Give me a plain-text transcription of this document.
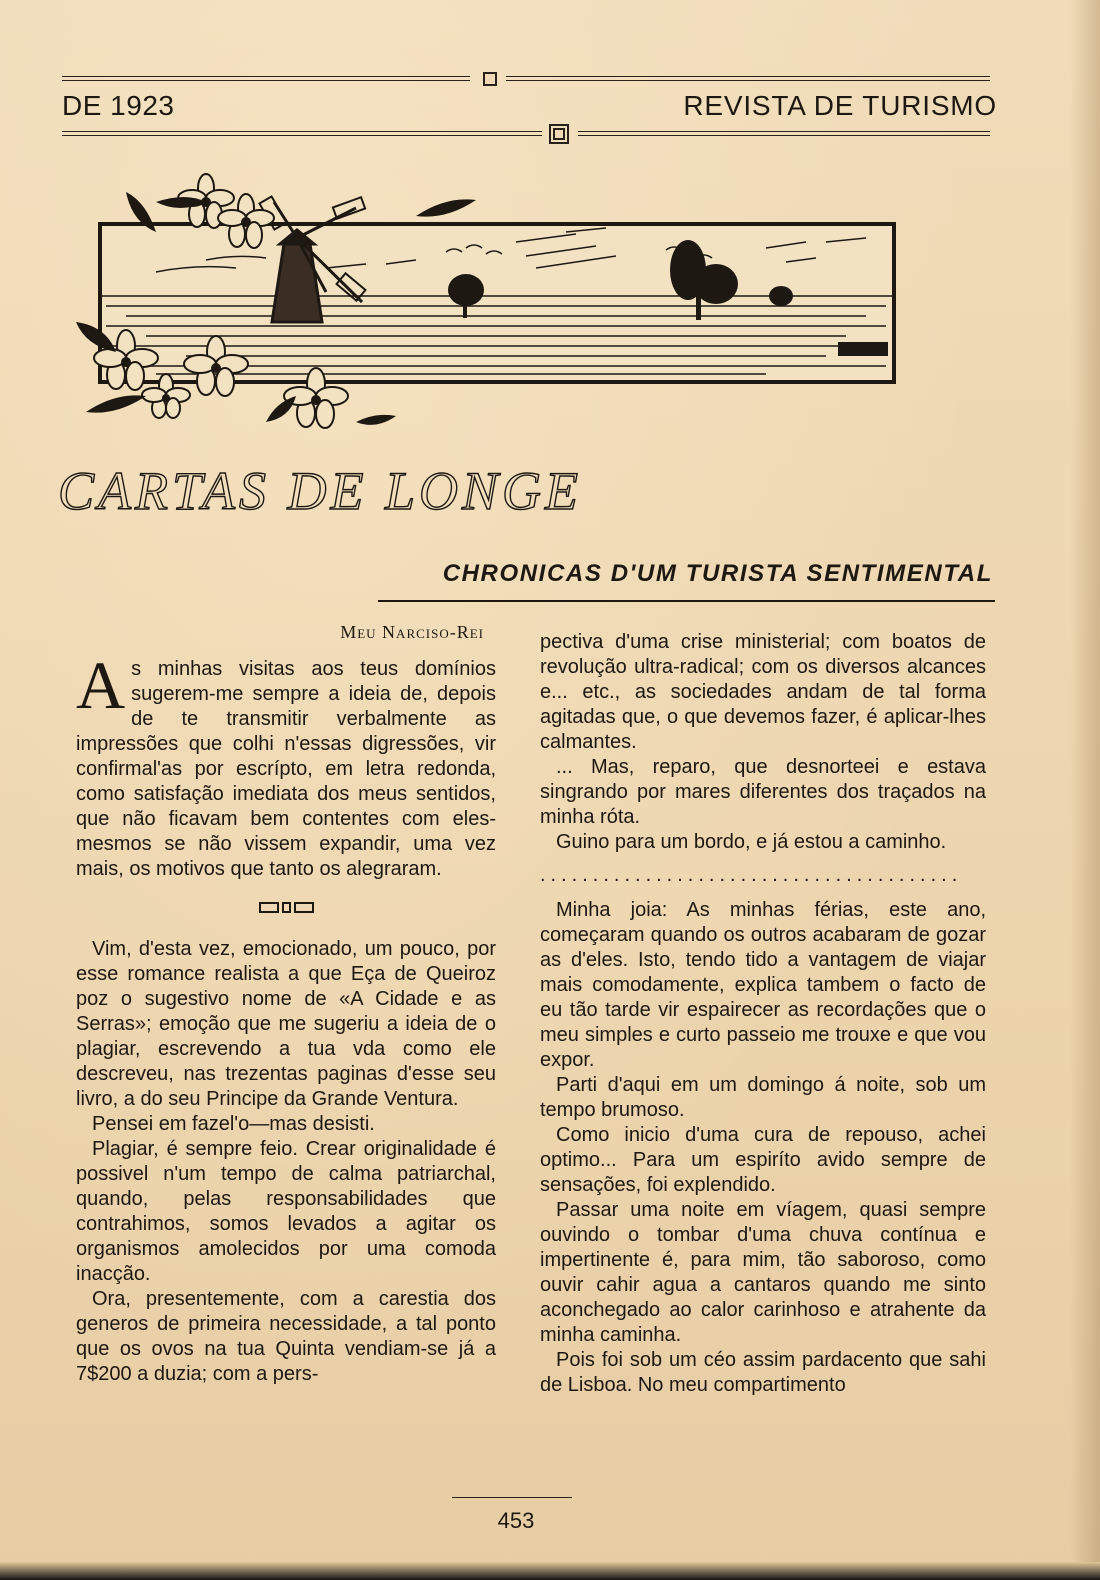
DE 1923	REVISTA DE TURISMO
CARTAS DE LONGE
CHRONICAS D'UM TURISTA SENTIMENTAL

Meu Narciso-Rei

As minhas visitas aos teus domínios sugerem-me sempre a ideia de, depois de te transmitir verbalmente as impressões que colhi n'essas digressões, vir confirmal'as por escrípto, em letra redonda, como satisfação imediata dos meus sentidos, que não ficavam bem contentes com eles-mesmos se não vissem expandir, uma vez mais, os motivos que tanto os alegraram.

Vim, d'esta vez, emocionado, um pouco, por esse romance realista a que Eça de Queiroz poz o sugestivo nome de «A Cidade e as Serras»; emoção que me sugeriu a ideia de o plagiar, escrevendo a tua vda como ele descreveu, nas trezentas paginas d'esse seu livro, a do seu Principe da Grande Ventura.

Pensei em fazel'o—mas desisti.

Plagiar, é sempre feio. Crear originalidade é possivel n'um tempo de calma patriarchal, quando, pelas responsabilidades que contrahimos, somos levados a agitar os organismos amolecidos por uma comoda inacção.

Ora, presentemente, com a carestia dos generos de primeira necessidade, a tal ponto que os ovos na tua Quinta vendiam-se já a 7$200 a duzia; com a pers-

pectiva d'uma crise ministerial; com boatos de revolução ultra-radical; com os diversos alcances e... etc., as sociedades andam de tal forma agitadas que, o que devemos fazer, é aplicar-lhes calmantes.

... Mas, reparo, que desnorteei e estava singrando por mares diferentes dos traçados na minha róta.

Guino para um bordo, e já estou a caminho.

........................................

Minha joia: As minhas férias, este ano, começaram quando os outros acabaram de gozar as d'eles. Isto, tendo tido a vantagem de viajar mais comodamente, explica tambem o facto de eu tão tarde vir espairecer as recordações que o meu simples e curto passeio me trouxe e que vou expor.

Parti d'aqui em um domingo á noite, sob um tempo brumoso.

Como inicio d'uma cura de repouso, achei optimo... Para um espiríto avido sempre de sensações, foi explendido.

Passar uma noite em víagem, quasi sempre ouvindo o tombar d'uma chuva contínua e impertinente é, para mim, tão saboroso, como ouvir cahir agua a cantaros quando me sinto aconchegado ao calor carinhoso e atrahente da minha caminha.

Pois foi sob um céo assim pardacento que sahi de Lisboa. No meu compartimento

453
